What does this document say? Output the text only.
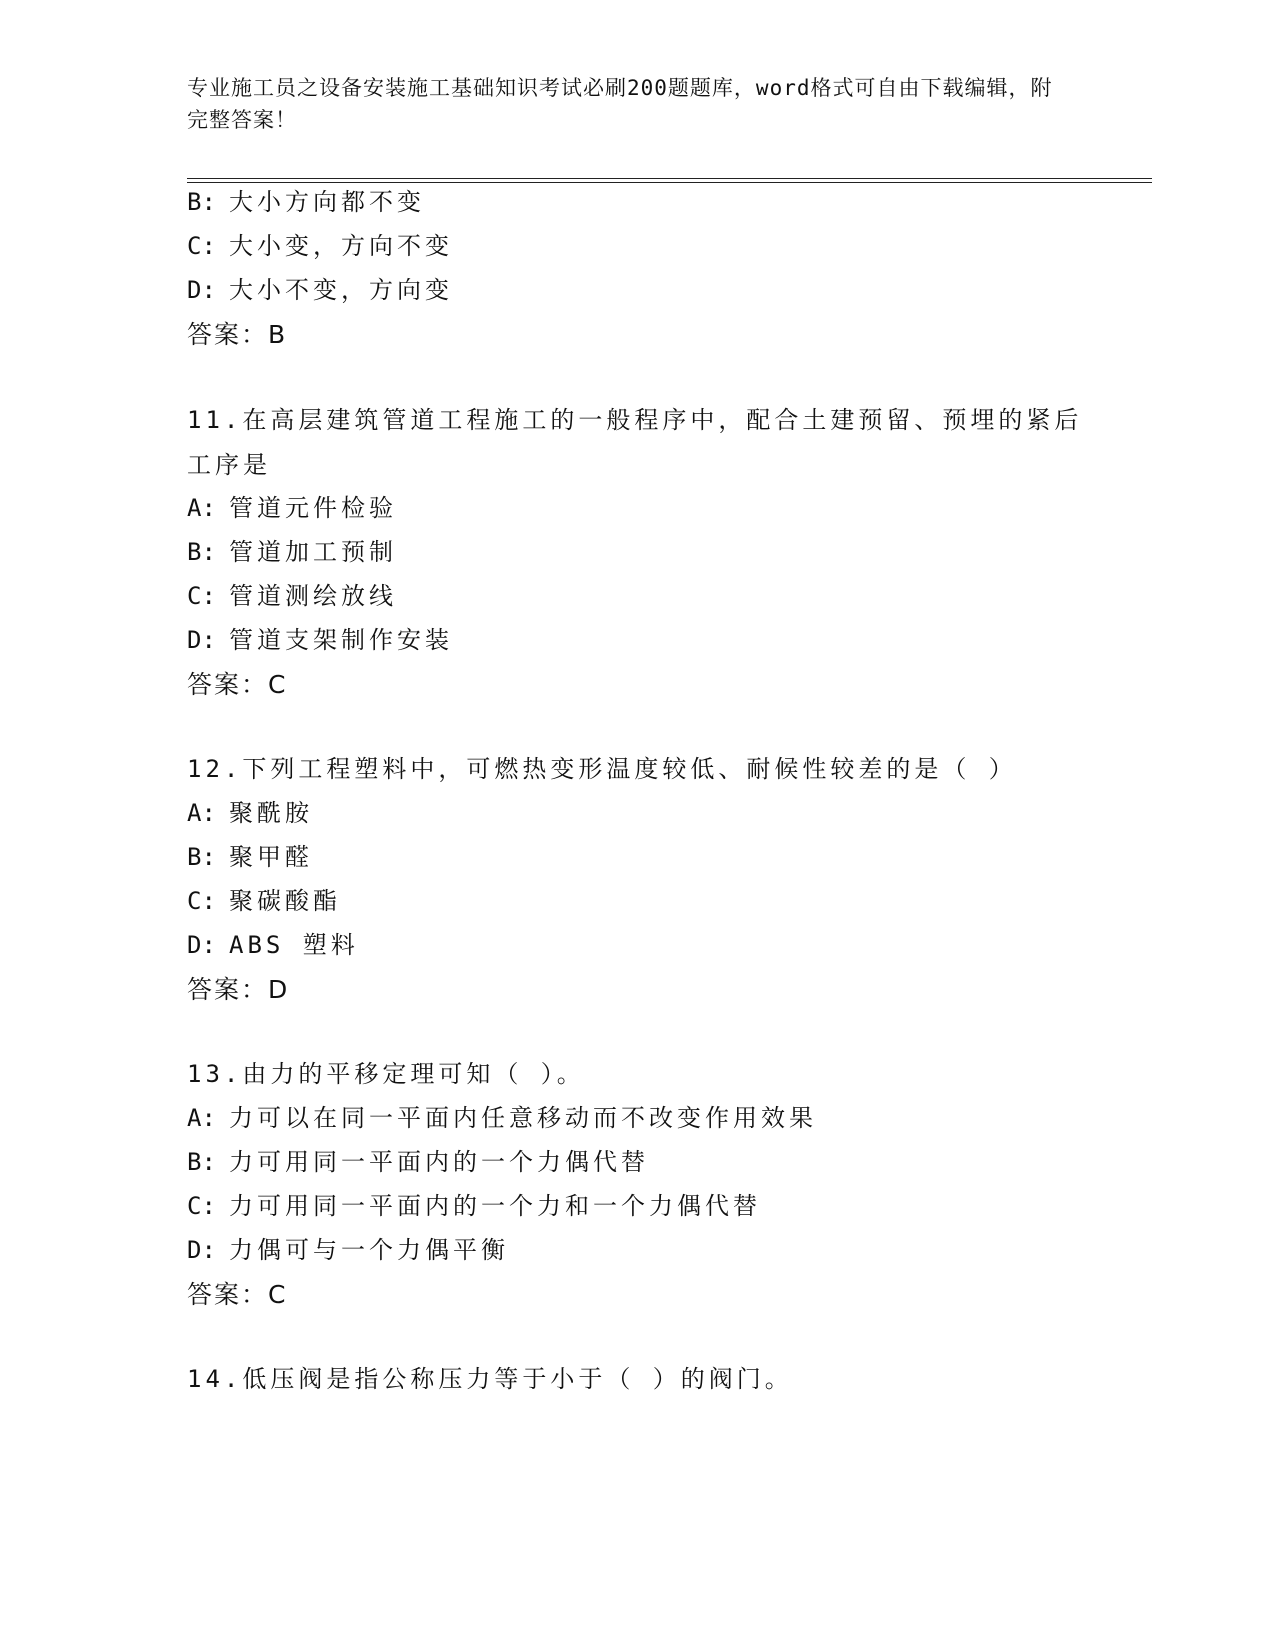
专业施工员之设备安装施工基础知识考试必刷200题题库，word格式可自由下载编辑，附完整答案！
B: 大小方向都不变
C: 大小变，方向不变
D: 大小不变，方向变
答案：B
11.在高层建筑管道工程施工的一般程序中，配合土建预留、预埋的紧后工序是
A: 管道元件检验
B: 管道加工预制
C: 管道测绘放线
D: 管道支架制作安装
答案：C
12.下列工程塑料中，可燃热变形温度较低、耐候性较差的是（ ）
A: 聚酰胺
B: 聚甲醛
C: 聚碳酸酯
D: ABS 塑料
答案：D
13.由力的平移定理可知（ ）。
A: 力可以在同一平面内任意移动而不改变作用效果
B: 力可用同一平面内的一个力偶代替
C: 力可用同一平面内的一个力和一个力偶代替
D: 力偶可与一个力偶平衡
答案：C
14.低压阀是指公称压力等于小于（ ）的阀门。
